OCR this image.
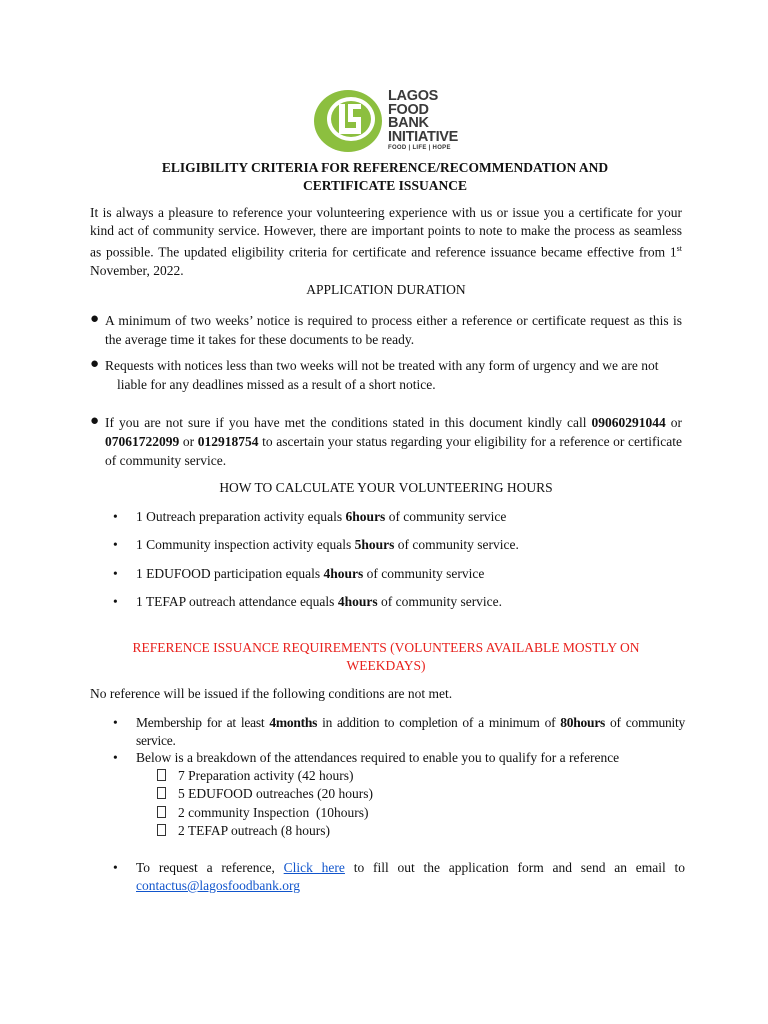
LAGOS
FOOD
BANK
INITIATIVE
FOOD | LIFE | HOPE
ELIGIBILITY CRITERIA FOR REFERENCE/RECOMMENDATION AND
CERTIFICATE ISSUANCE
It is always a pleasure to reference your volunteering experience with us or issue you a certificate for your kind act of community service. However, there are important points to note to make the process as seamless as possible. The updated eligibility criteria for certificate and reference issuance became effective from 1st November, 2022.
APPLICATION DURATION
● A minimum of two weeks’ notice is required to process either a reference or certificate request as this is the average time it takes for these documents to be ready.
● Requests with notices less than two weeks will not be treated with any form of urgency and we are not
liable for any deadlines missed as a result of a short notice.
● If you are not sure if you have met the conditions stated in this document kindly call 09060291044 or 07061722099 or 012918754 to ascertain your status regarding your eligibility for a reference or certificate of community service.
HOW TO CALCULATE YOUR VOLUNTEERING HOURS
•	1 Outreach preparation activity equals 6hours of community service
•	1 Community inspection activity equals 5hours of community service.
•	1 EDUFOOD participation equals 4hours of community service
•	1 TEFAP outreach attendance equals 4hours of community service.
REFERENCE ISSUANCE REQUIREMENTS (VOLUNTEERS AVAILABLE MOSTLY ON
WEEKDAYS)
No reference will be issued if the following conditions are not met.
•	Membership for at least 4months in addition to completion of a minimum of 80hours of community service.
•	Below is a breakdown of the attendances required to enable you to qualify for a reference
7 Preparation activity (42 hours)
5 EDUFOOD outreaches (20 hours)
2 community Inspection  (10hours)
2 TEFAP outreach (8 hours)
•	To request a reference, Click here to fill out the application form and send an email to contactus@lagosfoodbank.org
